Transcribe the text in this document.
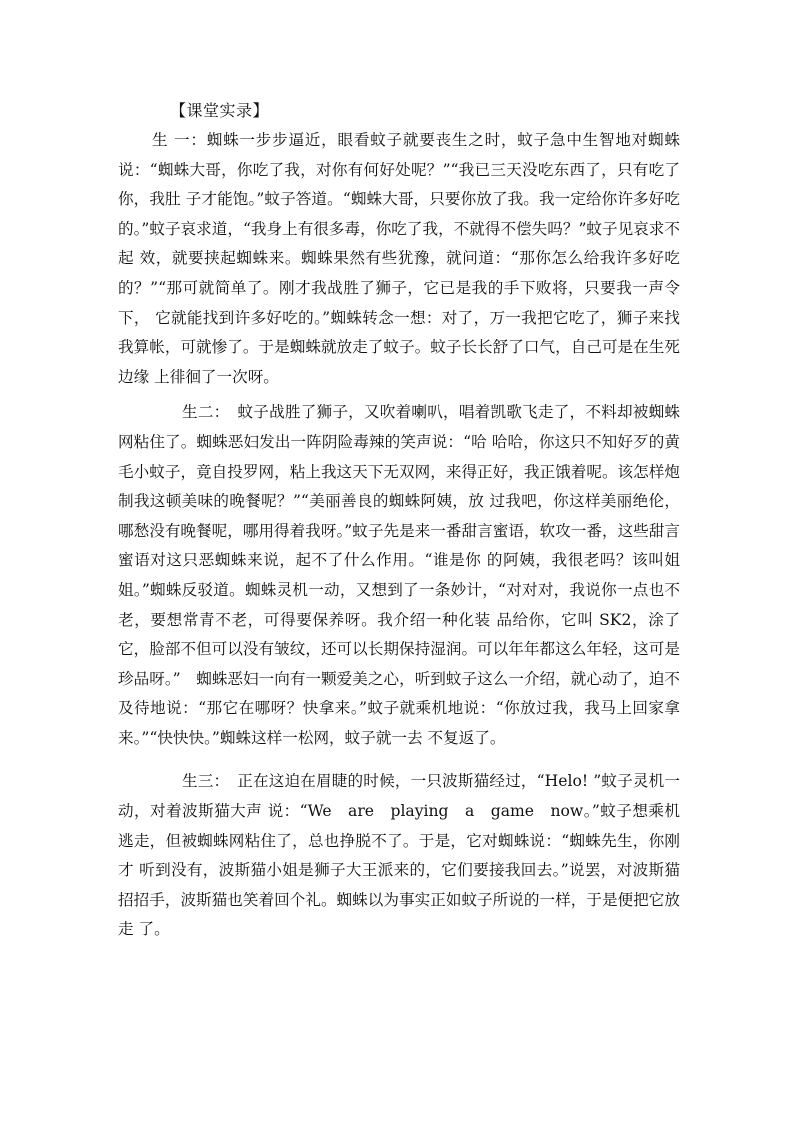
【课堂实录】

生 一：蜘蛛一步步逼近，眼看蚊子就要丧生之时，蚊子急中生智地对蜘蛛说：“蜘蛛大哥，你吃了我，对你有何好处呢？”“我已三天没吃东西了，只有吃了你，我肚 子才能饱。”蚊子答道。“蜘蛛大哥，只要你放了我。我一定给你许多好吃的。”蚊子哀求道，“我身上有很多毒，你吃了我，不就得不偿失吗？”蚊子见哀求不起 效，就要挟起蜘蛛来。蜘蛛果然有些犹豫，就问道：“那你怎么给我许多好吃的？”“那可就简单了。刚才我战胜了狮子，它已是我的手下败将，只要我一声令下， 它就能找到许多好吃的。”蜘蛛转念一想：对了，万一我把它吃了，狮子来找我算帐，可就惨了。于是蜘蛛就放走了蚊子。蚊子长长舒了口气，自己可是在生死边缘 上徘徊了一次呀。

生二：　蚊子战胜了狮子，又吹着喇叭，唱着凯歌飞走了，不料却被蜘蛛网粘住了。蜘蛛恶妇发出一阵阴险毒辣的笑声说：“哈 哈哈，你这只不知好歹的黄毛小蚊子，竟自投罗网，粘上我这天下无双网，来得正好，我正饿着呢。该怎样炮制我这顿美味的晚餐呢？”“美丽善良的蜘蛛阿姨，放 过我吧，你这样美丽绝伦，哪愁没有晚餐呢，哪用得着我呀。”蚊子先是来一番甜言蜜语，软攻一番，这些甜言蜜语对这只恶蜘蛛来说，起不了什么作用。“谁是你 的阿姨，我很老吗？该叫姐姐。”蜘蛛反驳道。蜘蛛灵机一动，又想到了一条妙计，“对对对，我说你一点也不老，要想常青不老，可得要保养呀。我介绍一种化装 品给你，它叫 SK2，涂了它，脸部不但可以没有皱纹，还可以长期保持湿润。可以年年都这么年轻，这可是珍品呀。”　蜘蛛恶妇一向有一颗爱美之心，听到蚊子这么一介绍，就心动了，迫不及待地说：“那它在哪呀？快拿来。”蚊子就乘机地说：“你放过我，我马上回家拿来。”“快快快。”蜘蛛这样一松网，蚊子就一去 不复返了。

生三：　正在这迫在眉睫的时候，一只波斯猫经过，“Helo! ”蚊子灵机一动，对着波斯猫大声 说：“We　are　playing　a　game　now。”蚊子想乘机逃走，但被蜘蛛网粘住了，总也挣脱不了。于是，它对蜘蛛说：“蜘蛛先生，你刚才 听到没有，波斯猫小姐是狮子大王派来的，它们要接我回去。”说罢，对波斯猫招招手，波斯猫也笑着回个礼。蜘蛛以为事实正如蚊子所说的一样，于是便把它放走 了。
